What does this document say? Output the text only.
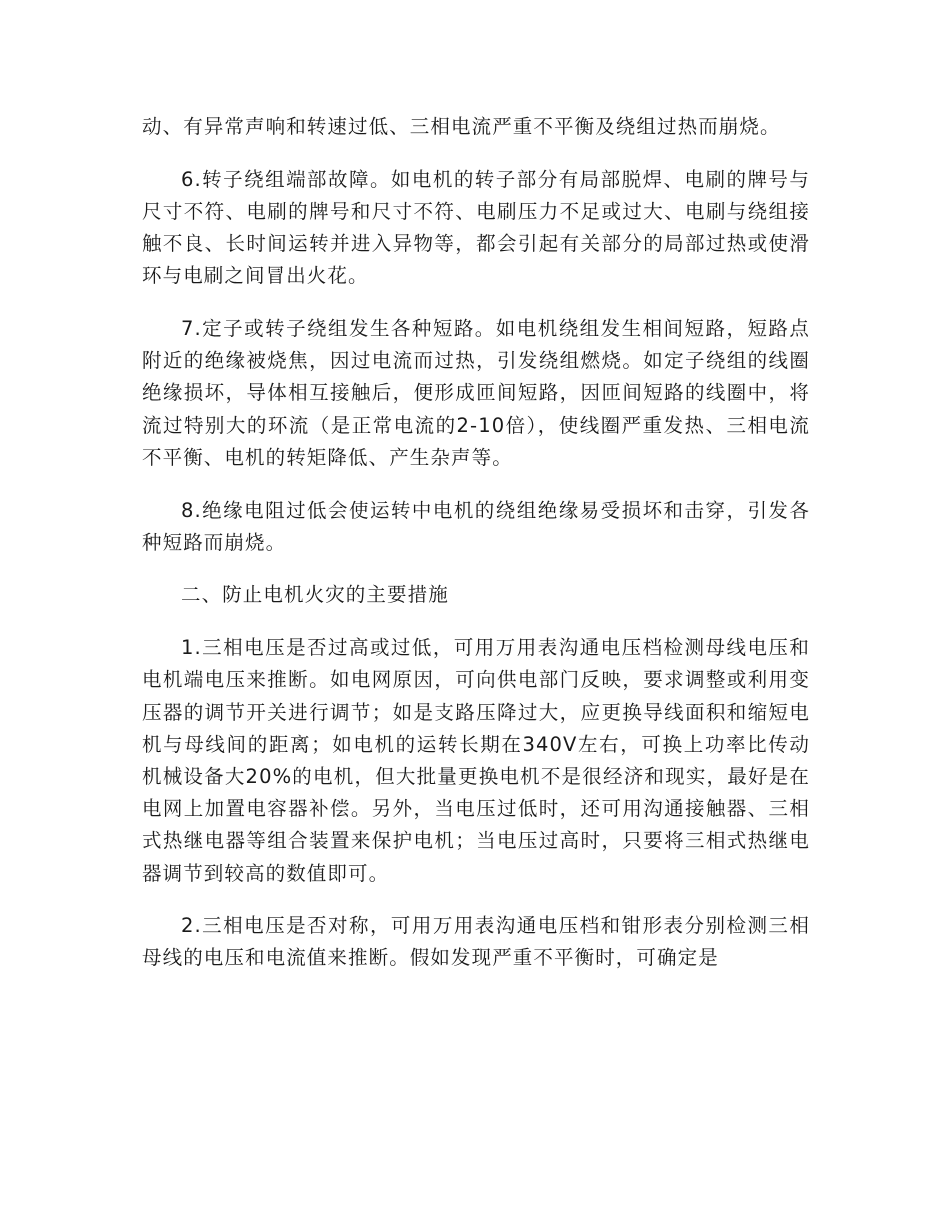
动、有异常声响和转速过低、三相电流严重不平衡及绕组过热而崩烧。

6.转子绕组端部故障。如电机的转子部分有局部脱焊、电刷的牌号与尺寸不符、电刷的牌号和尺寸不符、电刷压力不足或过大、电刷与绕组接触不良、长时间运转并进入异物等，都会引起有关部分的局部过热或使滑环与电刷之间冒出火花。

7.定子或转子绕组发生各种短路。如电机绕组发生相间短路，短路点附近的绝缘被烧焦，因过电流而过热，引发绕组燃烧。如定子绕组的线圈绝缘损坏，导体相互接触后，便形成匝间短路，因匝间短路的线圈中，将流过特别大的环流（是正常电流的2-10倍），使线圈严重发热、三相电流不平衡、电机的转矩降低、产生杂声等。

8.绝缘电阻过低会使运转中电机的绕组绝缘易受损坏和击穿，引发各种短路而崩烧。

二、防止电机火灾的主要措施

1.三相电压是否过高或过低，可用万用表沟通电压档检测母线电压和电机端电压来推断。如电网原因，可向供电部门反映，要求调整或利用变压器的调节开关进行调节；如是支路压降过大，应更换导线面积和缩短电机与母线间的距离；如电机的运转长期在340V左右，可换上功率比传动机械设备大20%的电机，但大批量更换电机不是很经济和现实，最好是在电网上加置电容器补偿。另外，当电压过低时，还可用沟通接触器、三相式热继电器等组合装置来保护电机；当电压过高时，只要将三相式热继电器调节到较高的数值即可。

2.三相电压是否对称，可用万用表沟通电压档和钳形表分别检测三相母线的电压和电流值来推断。假如发现严重不平衡时，可确定是
